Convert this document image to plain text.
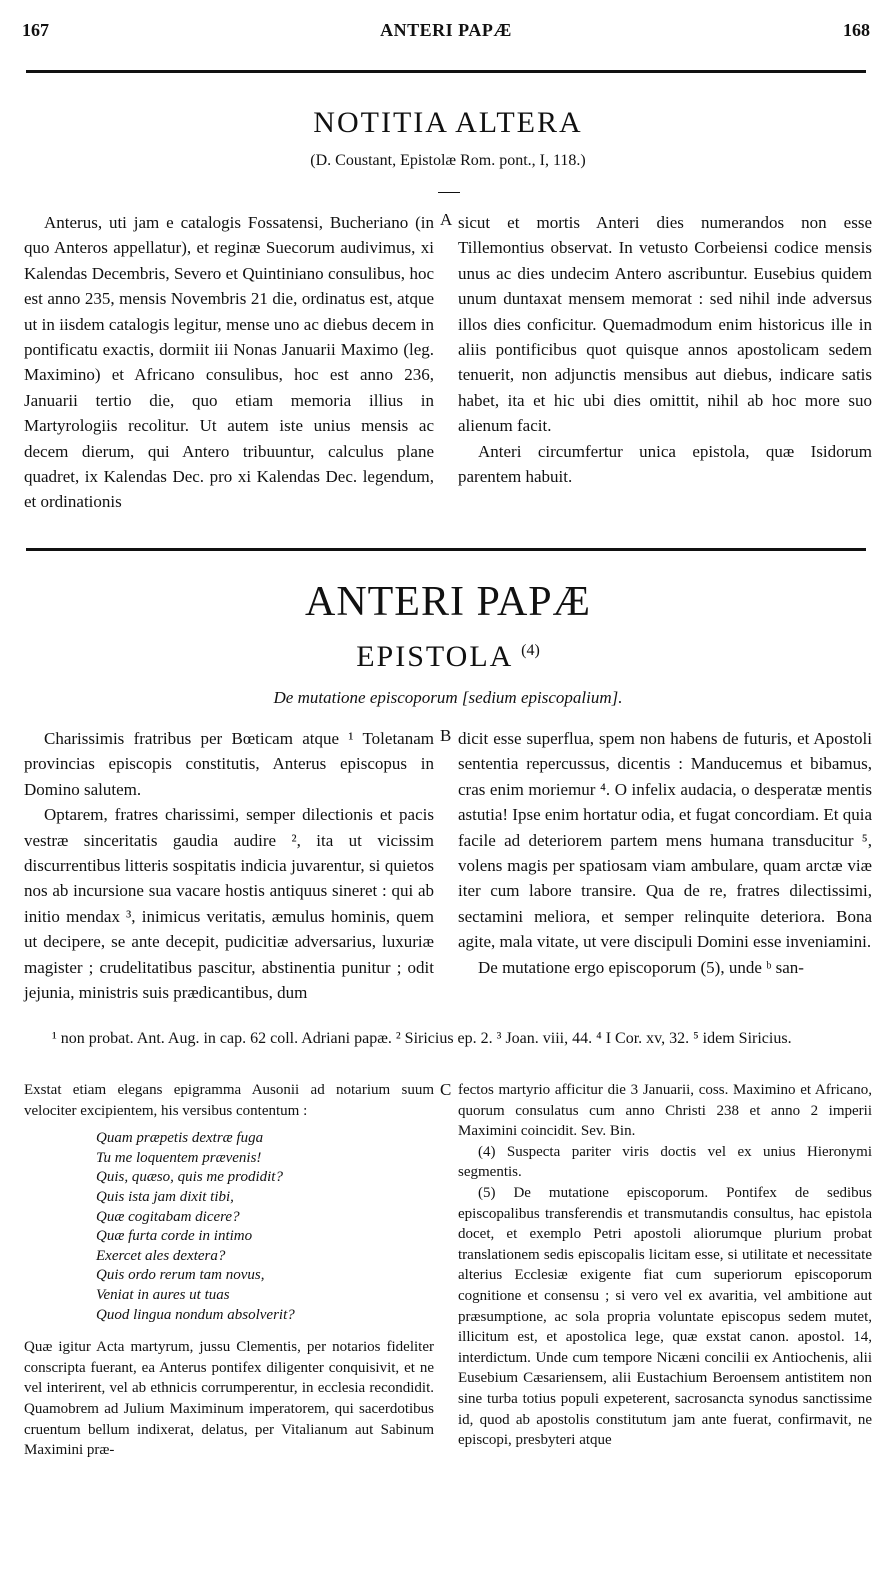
167	ANTERI PAPÆ	168
NOTITIA ALTERA
(D. Coustant, Epistolæ Rom. pont., I, 118.)
Anterus, uti jam e catalogis Fossatensi, Bucheriano (in quo Anteros appellatur), et reginæ Suecorum audivimus, xi Kalendas Decembris, Severo et Quintiniano consulibus, hoc est anno 235, mensis Novembris 21 die, ordinatus est, atque ut in iisdem catalogis legitur, mense uno ac diebus decem in pontificatu exactis, dormiit iii Nonas Januarii Maximo (leg. Maximino) et Africano consulibus, hoc est anno 236, Januarii tertio die, quo etiam memoria illius in Martyrologiis recolitur. Ut autem iste unius mensis ac decem dierum, qui Antero tribuuntur, calculus plane quadret, ix Kalendas Dec. pro xi Kalendas Dec. legendum, et ordinationis
A sicut et mortis Anteri dies numerandos non esse Tillemontius observat. In vetusto Corbeiensi codice mensis unus ac dies undecim Antero ascribuntur. Eusebius quidem unum duntaxat mensem memorat : sed nihil inde adversus illos dies conficitur. Quemadmodum enim historicus ille in aliis pontificibus quot quisque annos apostolicam sedem tenuerit, non adjunctis mensibus aut diebus, indicare satis habet, ita et hic ubi dies omittit, nihil ab hoc more suo alienum facit.

Anteri circumfertur unica epistola, quæ Isidorum parentem habuit.

ANTERI PAPÆ
EPISTOLA $^{(4)}$
De mutatione episcoporum [sedium episcopalium].

Charissimis fratribus per Bœticam atque ¹ Toletanam provincias episcopis constitutis, Anterus episcopus in Domino salutem.

Optarem, fratres charissimi, semper dilectionis et pacis vestræ sinceritatis gaudia audire ², ita ut vicissim discurrentibus litteris sospitatis indicia juvarentur, si quietos nos ab incursione sua vacare hostis antiquus sineret : qui ab initio mendax ³, inimicus veritatis, æmulus hominis, quem ut decipere, se ante decepit, pudicitiæ adversarius, luxuriæ magister ; crudelitatibus pascitur, abstinentia punitur ; odit jejunia, ministris suis prædicantibus, dum

B dicit esse superflua, spem non habens de futuris, et Apostoli sententia repercussus, dicentis : Manducemus et bibamus, cras enim moriemur ⁴. O infelix audacia, o desperatæ mentis astutia! Ipse enim hortatur odia, et fugat concordiam. Et quia facile ad deteriorem partem mens humana transducitur ⁵, volens magis per spatiosam viam ambulare, quam arctæ viæ iter cum labore transire. Qua de re, fratres dilectissimi, sectamini meliora, et semper relinquite deteriora. Bona agite, mala vitate, ut vere discipuli Domini esse inveniamini.

De mutatione ergo episcoporum (5), unde ᵇ san-

¹ non probat. Ant. Aug. in cap. 62 coll. Adriani papæ. ² Siricius ep. 2. ³ Joan. viii, 44. ⁴ I Cor. xv, 32. ⁵ idem Siricius.

Exstat etiam elegans epigramma Ausonii ad notarium suum velociter excipientem, his versibus contentum :

Quam præpetis dextræ fuga
Tu me loquentem prævenis!
Quis, quæso, quis me prodidit?
Quis ista jam dixit tibi,
Quæ cogitabam dicere?
Quæ furta corde in intimo
Exercet ales dextera?
Quis ordo rerum tam novus,
Veniat in aures ut tuas
Quod lingua nondum absolverit?

Quæ igitur Acta martyrum, jussu Clementis, per notarios fideliter conscripta fuerant, ea Anterus pontifex diligenter conquisivit, et ne vel interirent, vel ab ethnicis corrumperentur, in ecclesia recondidit. Quamobrem ad Julium Maximinum imperatorem, qui sacerdotibus cruentum bellum indixerat, delatus, per Vitalianum aut Sabinum Maximini præ-

C fectos martyrio afficitur die 3 Januarii, coss. Maximino et Africano, quorum consulatus cum anno Christi 238 et anno 2 imperii Maximini coincidit. Sev. Bin.

(4) Suspecta pariter viris doctis vel ex unius Hieronymi segmentis.

(5) De mutatione episcoporum. Pontifex de sedibus episcopalibus transferendis et transmutandis consultus, hac epistola docet, et exemplo Petri apostoli aliorumque plurium probat translationem sedis episcopalis licitam esse, si utilitate et necessitate alterius Ecclesiæ exigente fiat cum superiorum episcoporum cognitione et consensu ; si vero vel ex avaritia, vel ambitione aut præsumptione, ac sola propria voluntate episcopus sedem mutet, illicitum est, et apostolica lege, quæ exstat canon. apostol. 14, interdictum. Unde cum tempore Nicæni concilii ex Antiochenis, alii Eusebium Cæsariensem, alii Eustachium Beroensem antistitem non sine turba totius populi expeterent, sacrosancta synodus sanctissime id, quod ab apostolis constitutum jam ante fuerat, confirmavit, ne episcopi, presbyteri atque
